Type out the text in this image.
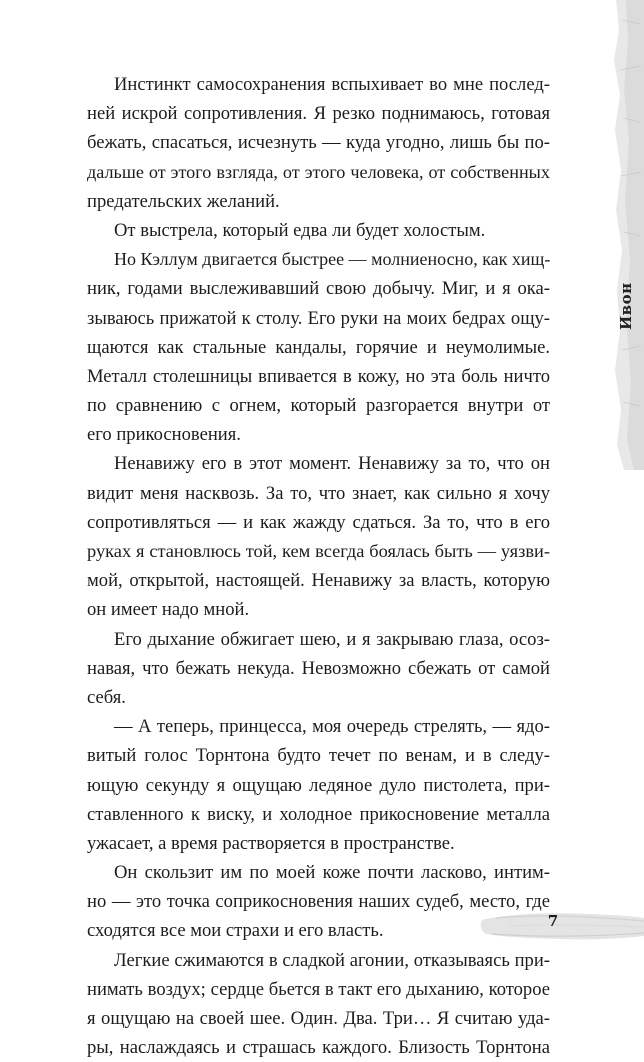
Инстинкт самосохранения вспыхивает во мне послед-
ней искрой сопротивления. Я резко поднимаюсь, готовая
бежать, спасаться, исчезнуть — куда угодно, лишь бы по-
дальше от этого взгляда, от этого человека, от собственных
предательских желаний.
От выстрела, который едва ли будет холостым.
Но Кэллум двигается быстрее — молниеносно, как хищ-
ник, годами выслеживавший свою добычу. Миг, и я ока-
зываюсь прижатой к столу. Его руки на моих бедрах ощу-
щаются как стальные кандалы, горячие и неумолимые.
Металл столешницы впивается в кожу, но эта боль ничто
по сравнению с огнем, который разгорается внутри от
его прикосновения.
Ненавижу его в этот момент. Ненавижу за то, что он
видит меня насквозь. За то, что знает, как сильно я хочу
сопротивляться — и как жажду сдаться. За то, что в его
руках я становлюсь той, кем всегда боялась быть — уязви-
мой, открытой, настоящей. Ненавижу за власть, которую
он имеет надо мной.
Его дыхание обжигает шею, и я закрываю глаза, осоз-
навая, что бежать некуда. Невозможно сбежать от самой
себя.
— А теперь, принцесса, моя очередь стрелять, — ядо-
витый голос Торнтона будто течет по венам, и в следу-
ющую секунду я ощущаю ледяное дуло пистолета, при-
ставленного к виску, и холодное прикосновение металла
ужасает, а время растворяется в пространстве.
Он скользит им по моей коже почти ласково, интим-
но — это точка соприкосновения наших судеб, место, где
сходятся все мои страхи и его власть.
Легкие сжимаются в сладкой агонии, отказываясь при-
нимать воздух; сердце бьется в такт его дыханию, которое
я ощущаю на своей шее. Один. Два. Три… Я считаю уда-
ры, наслаждаясь и страшась каждого. Близость Торнтона
Ивон
7
